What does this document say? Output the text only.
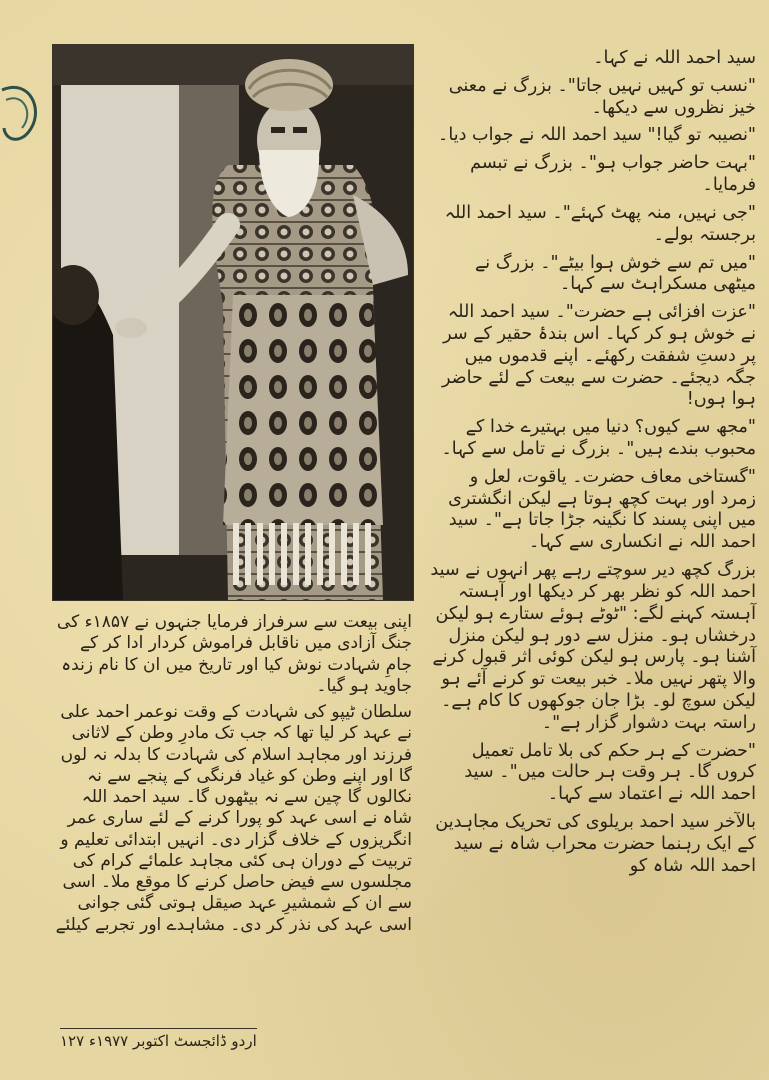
سید احمد اللہ نے کہا۔

"نسب تو کہیں نہیں جاتا"۔ بزرگ نے معنی خیز نظروں سے دیکھا۔

"نصیبہ تو گیا!" سید احمد اللہ نے جواب دیا۔

"بہت حاضر جواب ہو"۔ بزرگ نے تبسم فرمایا۔

"جی نہیں، منہ پھٹ کہئے"۔ سید احمد اللہ برجستہ بولے۔

"میں تم سے خوش ہوا بیٹے"۔ بزرگ نے میٹھی مسکراہٹ سے کہا۔

"عزت افزائی ہے حضرت"۔ سید احمد اللہ نے خوش ہو کر کہا۔ اس بندۂ حقیر کے سر پر دستِ شفقت رکھئے۔ اپنے قدموں میں جگہ دیجئے۔ حضرت سے بیعت کے لئے حاضر ہوا ہوں!

"مجھ سے کیوں؟ دنیا میں بہتیرے خدا کے محبوب بندے ہیں"۔ بزرگ نے تامل سے کہا۔

"گستاخی معاف حضرت۔ یاقوت، لعل و زمرد اور بہت کچھ ہوتا ہے لیکن انگشتری میں اپنی پسند کا نگینہ جڑا جاتا ہے"۔ سید احمد اللہ نے انکساری سے کہا۔

بزرگ کچھ دیر سوچتے رہے پھر انہوں نے سید احمد اللہ کو نظر بھر کر دیکھا اور آہستہ آہستہ کہنے لگے: "ٹوٹے ہوئے ستارے ہو لیکن درخشاں ہو۔ منزل سے دور ہو لیکن منزل آشنا ہو۔ پارس ہو لیکن کوئی اثر قبول کرنے والا پتھر نہیں ملا۔ خبر بیعت تو کرنے آئے ہو لیکن سوچ لو۔ بڑا جان جوکھوں کا کام ہے۔ راستہ بہت دشوار گزار ہے"۔

"حضرت کے ہر حکم کی بلا تامل تعمیل کروں گا۔ ہر وقت ہر حالت میں"۔ سید احمد اللہ نے اعتماد سے کہا۔

بالآخر سید احمد بریلوی کی تحریک مجاہدین کے ایک رہنما حضرت محراب شاہ نے سید احمد اللہ شاہ کو

اپنی بیعت سے سرفراز فرمایا جنہوں نے ۱۸۵۷ء کی جنگ آزادی میں ناقابل فراموش کردار ادا کر کے جامِ شہادت نوش کیا اور تاریخ میں ان کا نام زندہ جاوید ہو گیا۔

سلطان ٹیپو کی شہادت کے وقت نوعمر احمد علی نے عہد کر لیا تھا کہ جب تک مادرِ وطن کے لاثانی فرزند اور مجاہد اسلام کی شہادت کا بدلہ نہ لوں گا اور اپنے وطن کو غیاد فرنگی کے پنجے سے نہ نکالوں گا چین سے نہ بیٹھوں گا۔ سید احمد اللہ شاہ نے اسی عہد کو پورا کرنے کے لئے ساری عمر انگریزوں کے خلاف گزار دی۔ انہیں ابتدائی تعلیم و تربیت کے دوران ہی کئی مجاہد علمائے کرام کی مجلسوں سے فیض حاصل کرنے کا موقع ملا۔ اسی سے ان کے شمشیرِ عہد صیقل ہوتی گئی جوانی اسی عہد کی نذر کر دی۔ مشاہدے اور تجربے کیلئے

اردو ڈائجسٹ اکتوبر ۱۹۷۷ء ۱۲۷
